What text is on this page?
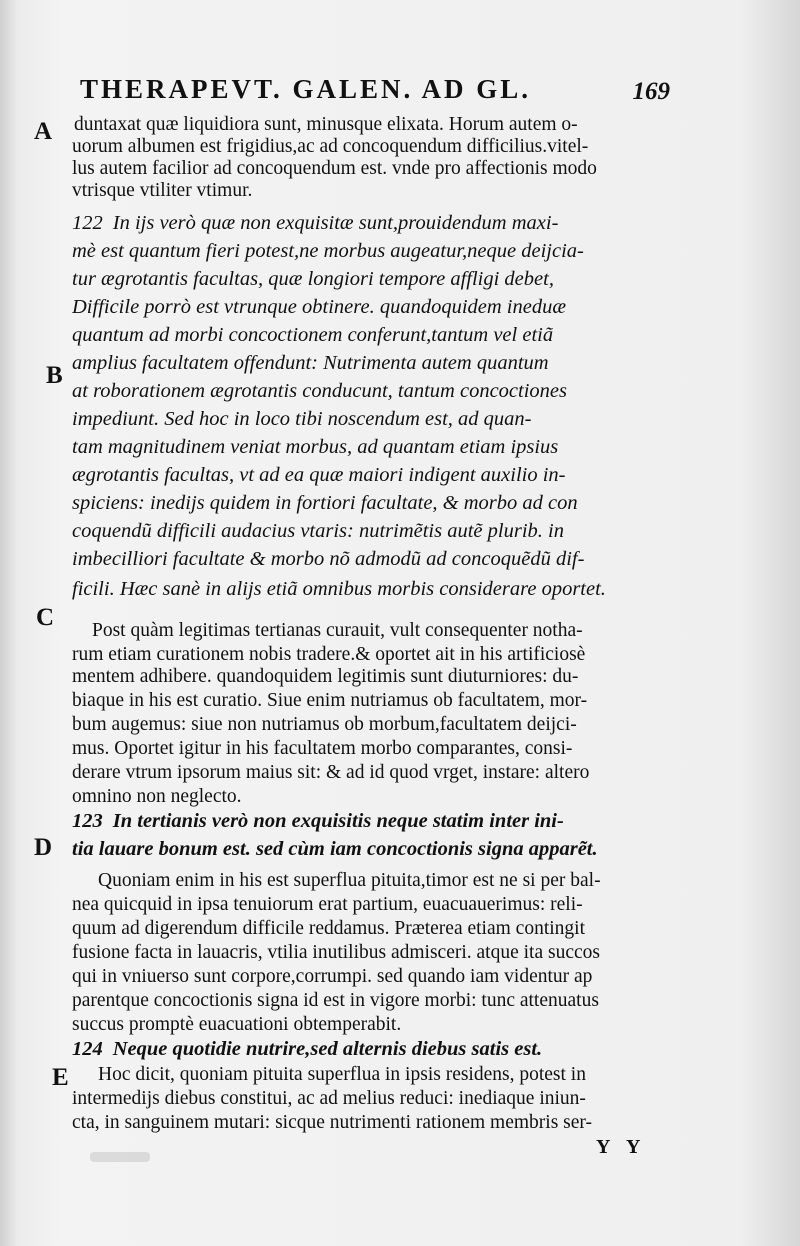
THERAPEVT. GALEN. AD GL.	169
A
B
C
D
E
duntaxat quæ liquidiora sunt, minusque elixata. Horum autem o-
uorum albumen est frigidius,ac ad concoquendum difficilius.vitel-
lus autem facilior ad concoquendum est. vnde pro affectionis modo
vtrisque vtiliter vtimur.
122 In ijs verò quæ non exquisitæ sunt,prouidendum maxi-
mè est quantum fieri potest,ne morbus augeatur,neque deijcia-
tur ægrotantis facultas, quæ longiori tempore affligi debet,
Difficile porrò est vtrunque obtinere. quandoquidem ineduæ
quantum ad morbi concoctionem conferunt,tantum vel etiã
amplius facultatem offendunt: Nutrimenta autem quantum
at roborationem ægrotantis conducunt, tantum concoctiones
impediunt. Sed hoc in loco tibi noscendum est, ad quan-
tam magnitudinem veniat morbus, ad quantam etiam ipsius
ægrotantis facultas, vt ad ea quæ maiori indigent auxilio in-
spiciens: inedijs quidem in fortiori facultate, & morbo ad con
coquendũ difficili audacius vtaris: nutrimẽtis autẽ plurib. in
imbecilliori facultate & morbo nõ admodũ ad concoquẽdũ dif-
ficili. Hæc sanè in alijs etiã omnibus morbis considerare oportet.
Post quàm legitimas tertianas curauit, vult consequenter notha-
rum etiam curationem nobis tradere.& oportet ait in his artificiosè
mentem adhibere. quandoquidem legitimis sunt diuturniores: du-
biaque in his est curatio. Siue enim nutriamus ob facultatem, mor-
bum augemus: siue non nutriamus ob morbum,facultatem deijci-
mus. Oportet igitur in his facultatem morbo comparantes, consi-
derare vtrum ipsorum maius sit: & ad id quod vrget, instare: altero
omnino non neglecto.
123 In tertianis verò non exquisitis neque statim inter ini-
tia lauare bonum est. sed cùm iam concoctionis signa apparẽt.
Quoniam enim in his est superflua pituita,timor est ne si per bal-
nea quicquid in ipsa tenuiorum erat partium, euacuauerimus: reli-
quum ad digerendum difficile reddamus. Præterea etiam contingit
fusione facta in lauacris, vtilia inutilibus admisceri. atque ita succos
qui in vniuerso sunt corpore,corrumpi. sed quando iam videntur ap
parentque concoctionis signa id est in vigore morbi: tunc attenuatus
succus promptè euacuationi obtemperabit.
124 Neque quotidie nutrire,sed alternis diebus satis est.
Hoc dicit, quoniam pituita superflua in ipsis residens, potest in
intermedijs diebus constitui, ac ad melius reduci: inediaque iniun-
cta, in sanguinem mutari: sicque nutrimenti rationem membris ser-
Y Y
